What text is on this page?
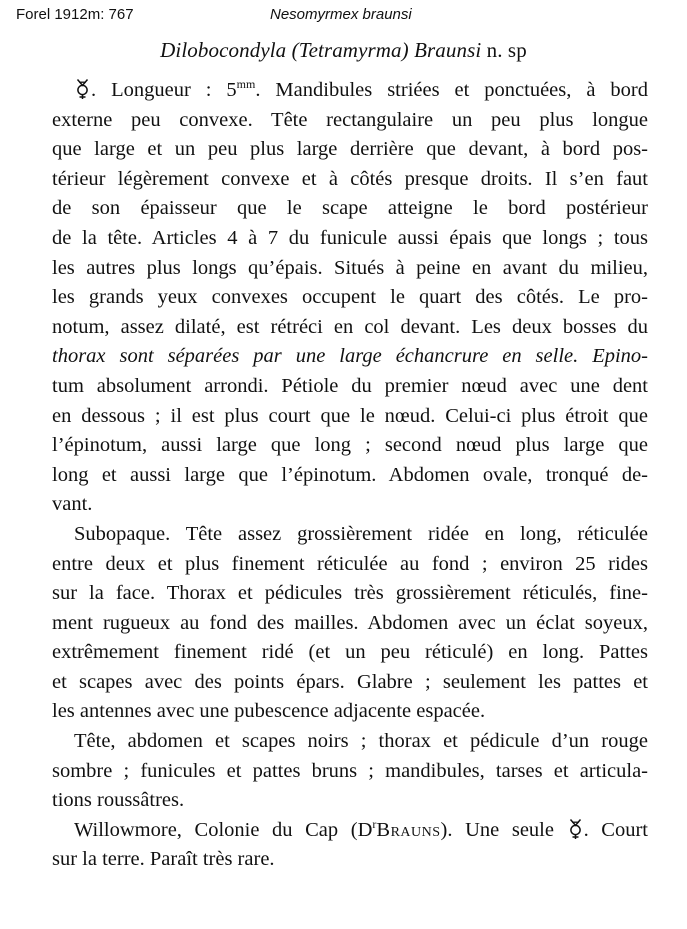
Forel 1912m: 767	Nesomyrmex braunsi
Dilobocondyla (Tetramyrma) Braunsi n. sp
. Longueur : $5^{mm}$. Mandibules striées et ponctuées, à bord
externe peu convexe. Tête rectangulaire un peu plus longue
que large et un peu plus large derrière que devant, à bord pos-
térieur légèrement convexe et à côtés presque droits. Il s’en faut
de son épaisseur que le scape atteigne le bord postérieur
de la tête. Articles 4 à 7 du funicule aussi épais que longs ; tous
les autres plus longs qu’épais. Situés à peine en avant du milieu,
les grands yeux convexes occupent le quart des côtés. Le pro-
notum, assez dilaté, est rétréci en col devant. Les deux bosses du
thorax sont séparées par une large échancrure en selle. Epino-
tum absolument arrondi. Pétiole du premier nœud avec une dent
en dessous ; il est plus court que le nœud. Celui-ci plus étroit que
l’épinotum, aussi large que long ; second nœud plus large que
long et aussi large que l’épinotum. Abdomen ovale, tronqué de-
vant.
Subopaque. Tête assez grossièrement ridée en long, réticulée
entre deux et plus finement réticulée au fond ; environ 25 rides
sur la face. Thorax et pédicules très grossièrement réticulés, fine-
ment rugueux au fond des mailles. Abdomen avec un éclat soyeux,
extrêmement finement ridé (et un peu réticulé) en long. Pattes
et scapes avec des points épars. Glabre ; seulement les pattes et
les antennes avec une pubescence adjacente espacée.
Tête, abdomen et scapes noirs ; thorax et pédicule d’un rouge
sombre ; funicules et pattes bruns ; mandibules, tarses et articula-
tions roussâtres.
Willowmore, Colonie du Cap $(D^rBrauns)$. Une seule
. Court
sur la terre. Paraît très rare.
